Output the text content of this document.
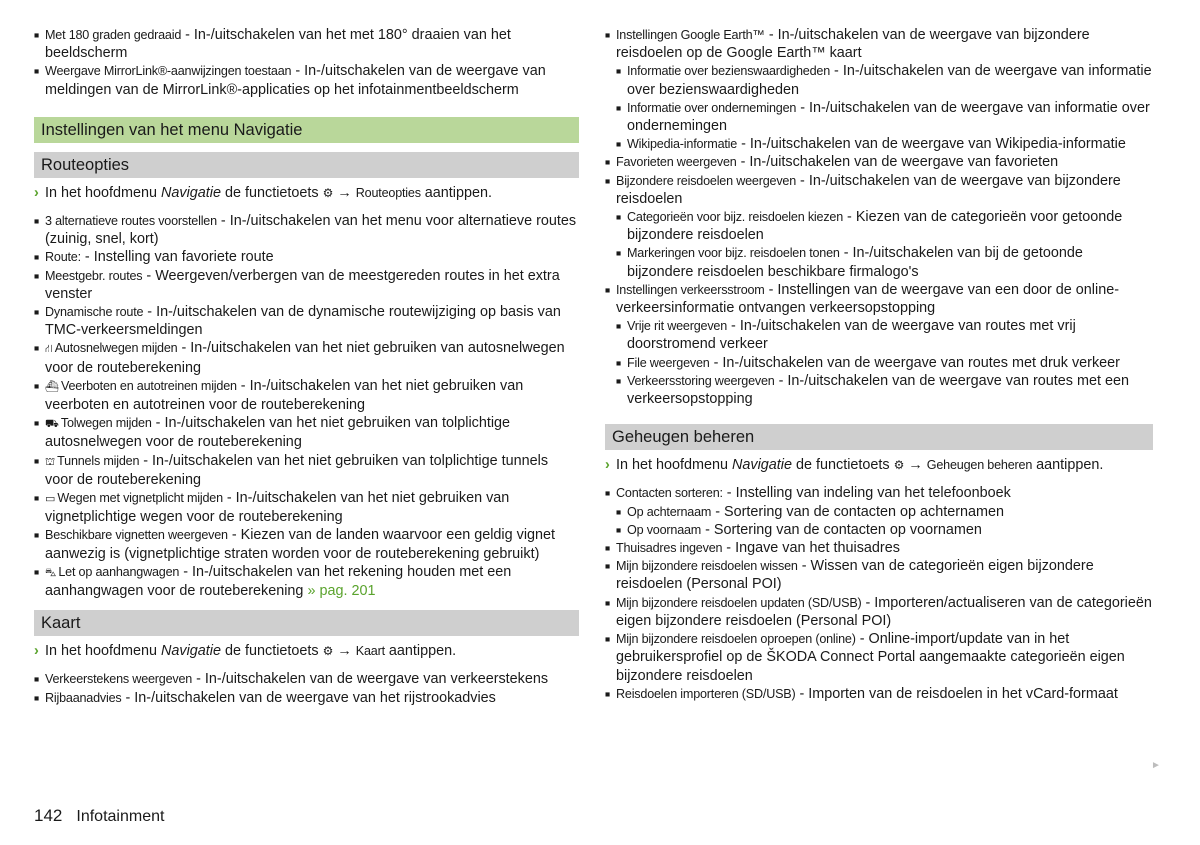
■ Met 180 graden gedraaid - In-/uitschakelen van het met 180° draaien van het beeldscherm
■ Weergave MirrorLink®-aanwijzingen toestaan - In-/uitschakelen van de weergave van meldingen van de MirrorLink®-applicaties op het infotainmentbeeldscherm
Instellingen van het menu Navigatie
Routeopties
› In het hoofdmenu Navigatie de functietoets ⚙ → Routeopties aantippen.
■ 3 alternatieve routes voorstellen - In-/uitschakelen van het menu voor alternatieve routes (zuinig, snel, kort)
■ Route: - Instelling van favoriete route
■ Meestgebr. routes - Weergeven/verbergen van de meestgereden routes in het extra venster
■ Dynamische route - In-/uitschakelen van de dynamische routewijziging op basis van TMC-verkeersmeldingen
■ ⛙ Autosnelwegen mijden - In-/uitschakelen van het niet gebruiken van autosnelwegen voor de routeberekening
■ ⛴ Veerboten en autotreinen mijden - In-/uitschakelen van het niet gebruiken van veerboten en autotreinen voor de routeberekening
■ ⛟ Tolwegen mijden - In-/uitschakelen van het niet gebruiken van tolplichtige autosnelwegen voor de routeberekening
■ ⛫ Tunnels mijden - In-/uitschakelen van het niet gebruiken van tolplichtige tunnels voor de routeberekening
■ ▭ Wegen met vignetplicht mijden - In-/uitschakelen van het niet gebruiken van vignetplichtige wegen voor de routeberekening
■ Beschikbare vignetten weergeven - Kiezen van de landen waarvoor een geldig vignet aanwezig is (vignetplichtige straten worden voor de routeberekening gebruikt)
■ ⛍ Let op aanhangwagen - In-/uitschakelen van het rekening houden met een aanhangwagen voor de routeberekening » pag. 201
Kaart
› In het hoofdmenu Navigatie de functietoets ⚙ → Kaart aantippen.
■ Verkeerstekens weergeven - In-/uitschakelen van de weergave van verkeerstekens
■ Rijbaanadvies - In-/uitschakelen van de weergave van het rijstrookadvies
■ Instellingen Google Earth™ - In-/uitschakelen van de weergave van bijzondere reisdoelen op de Google Earth™ kaart
■ Informatie over bezienswaardigheden - In-/uitschakelen van de weergave van informatie over bezienswaardigheden
■ Informatie over ondernemingen - In-/uitschakelen van de weergave van informatie over ondernemingen
■ Wikipedia-informatie - In-/uitschakelen van de weergave van Wikipedia-informatie
■ Favorieten weergeven - In-/uitschakelen van de weergave van favorieten
■ Bijzondere reisdoelen weergeven - In-/uitschakelen van de weergave van bijzondere reisdoelen
■ Categorieën voor bijz. reisdoelen kiezen - Kiezen van de categorieën voor getoonde bijzondere reisdoelen
■ Markeringen voor bijz. reisdoelen tonen - In-/uitschakelen van bij de getoonde bijzondere reisdoelen beschikbare firmalogo's
■ Instellingen verkeersstroom - Instellingen van de weergave van een door de online-verkeersinformatie ontvangen verkeersopstopping
■ Vrije rit weergeven - In-/uitschakelen van de weergave van routes met vrij doorstromend verkeer
■ File weergeven - In-/uitschakelen van de weergave van routes met druk verkeer
■ Verkeersstoring weergeven - In-/uitschakelen van de weergave van routes met een verkeersopstopping
Geheugen beheren
› In het hoofdmenu Navigatie de functietoets ⚙ → Geheugen beheren aantippen.
■ Contacten sorteren: - Instelling van indeling van het telefoonboek
■ Op achternaam - Sortering van de contacten op achternamen
■ Op voornaam - Sortering van de contacten op voornamen
■ Thuisadres ingeven - Ingave van het thuisadres
■ Mijn bijzondere reisdoelen wissen - Wissen van de categorieën eigen bijzondere reisdoelen (Personal POI)
■ Mijn bijzondere reisdoelen updaten (SD/USB) - Importeren/actualiseren van de categorieën eigen bijzondere reisdoelen (Personal POI)
■ Mijn bijzondere reisdoelen oproepen (online) - Online-import/update van in het gebruikersprofiel op de ŠKODA Connect Portal aangemaakte categorieën eigen bijzondere reisdoelen
■ Reisdoelen importeren (SD/USB) - Importen van de reisdoelen in het vCard-formaat
142 Infotainment
►
